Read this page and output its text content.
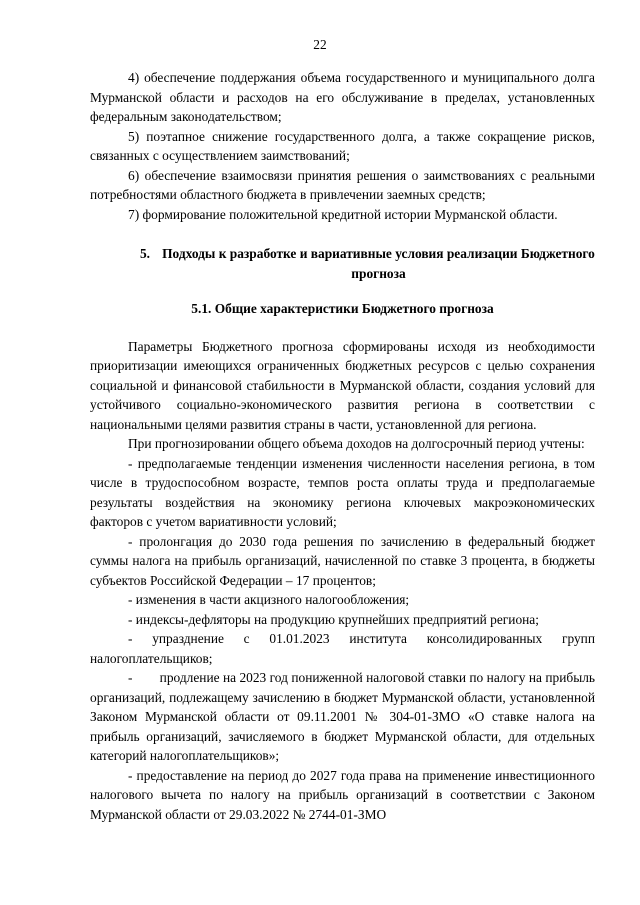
22

4) обеспечение поддержания объема государственного и муниципального долга Мурманской области и расходов на его обслуживание в пределах, установленных федеральным законодательством;

5) поэтапное снижение государственного долга, а также сокращение рисков, связанных с осуществлением заимствований;

6) обеспечение взаимосвязи принятия решения о заимствованиях с реальными потребностями областного бюджета в привлечении заемных средств;

7) формирование положительной кредитной истории Мурманской области.

5. Подходы к разработке и вариативные условия реализации Бюджетного прогноза

5.1. Общие характеристики Бюджетного прогноза

Параметры Бюджетного прогноза сформированы исходя из необходимости приоритизации имеющихся ограниченных бюджетных ресурсов с целью сохранения социальной и финансовой стабильности в Мурманской области, создания условий для устойчивого социально-экономического развития региона в соответствии с национальными целями развития страны в части, установленной для региона.

При прогнозировании общего объема доходов на долгосрочный период учтены:

- предполагаемые тенденции изменения численности населения региона, в том числе в трудоспособном возрасте, темпов роста оплаты труда и предполагаемые результаты воздействия на экономику региона ключевых макроэкономических факторов с учетом вариативности условий;

- пролонгация до 2030 года решения по зачислению в федеральный бюджет суммы налога на прибыль организаций, начисленной по ставке 3 процента, в бюджеты субъектов Российской Федерации – 17 процентов;

- изменения в части акцизного налогообложения;

- индексы-дефляторы на продукцию крупнейших предприятий региона;

- упразднение с 01.01.2023 института консолидированных групп налогоплательщиков;

-        продление на 2023 год пониженной налоговой ставки по налогу на прибыль организаций, подлежащему зачислению в бюджет Мурманской области, установленной Законом Мурманской области от 09.11.2001 № 304-01-ЗМО «О ставке налога на прибыль организаций, зачисляемого в бюджет Мурманской области, для отдельных категорий налогоплательщиков»;

- предоставление на период до 2027 года права на применение инвестиционного налогового вычета по налогу на прибыль организаций в соответствии с Законом Мурманской области от 29.03.2022 № 2744-01-ЗМО
